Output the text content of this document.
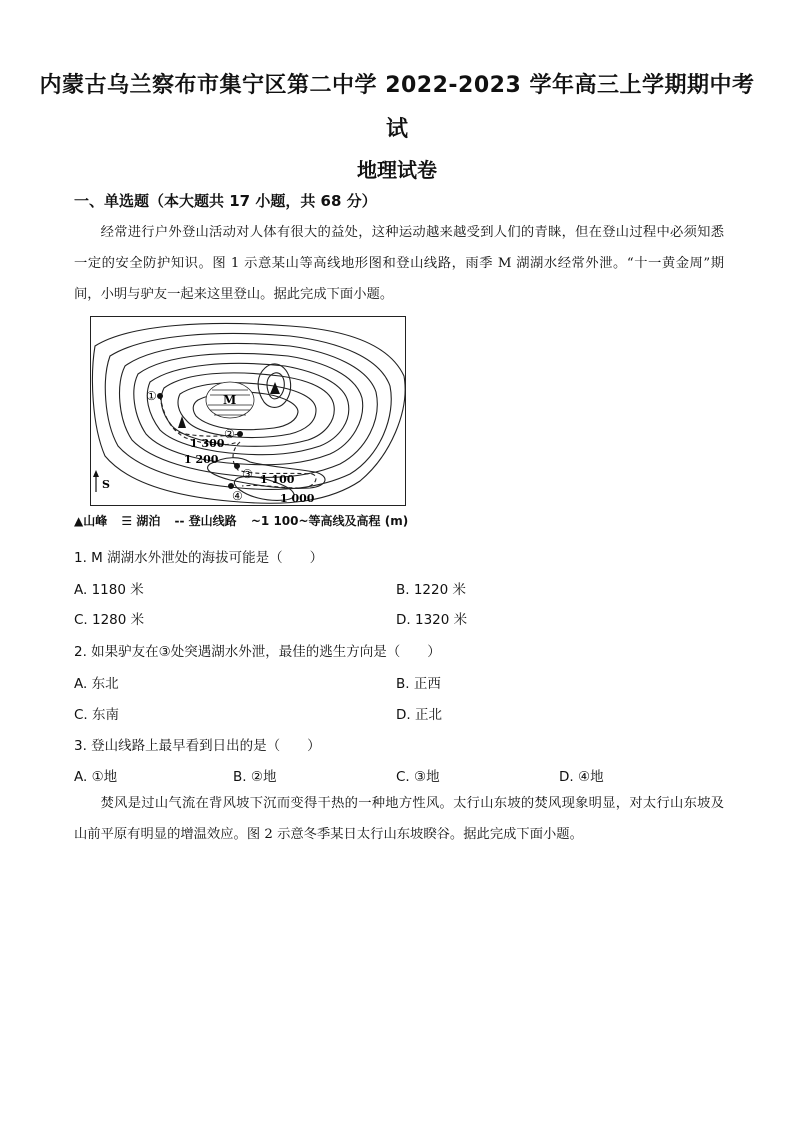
内蒙古乌兰察布市集宁区第二中学 2022-2023 学年高三上学期期中考
试
地理试卷
一、单选题（本大题共 17 小题，共 68 分）
经常进行户外登山活动对人体有很大的益处，这种运动越来越受到人们的青睐，但在登山过程中必须知悉一定的安全防护知识。图 1 示意某山等高线地形图和登山线路，雨季 M 湖湖水经常外泄。“十一黄金周”期间，小明与驴友一起来这里登山。据此完成下面小题。
M
①
②
③
④
1 300
1 200
1 100
1 000
S
▲山峰 ☰ 湖泊 -- 登山线路 ~1 100~等高线及高程 (m)
1. M 湖湖水外泄处的海拔可能是（　　）
A. 1180 米	B. 1220 米
C. 1280 米	D. 1320 米
2. 如果驴友在③处突遇湖水外泄，最佳的逃生方向是（　　）
A. 东北	B. 正西
C. 东南	D. 正北
3. 登山线路上最早看到日出的是（　　）
A. ①地	B. ②地	C. ③地	D. ④地
焚风是过山气流在背风坡下沉而变得干热的一种地方性风。太行山东坡的焚风现象明显，对太行山东坡及山前平原有明显的增温效应。图 2 示意冬季某日太行山东坡睽谷。据此完成下面小题。
